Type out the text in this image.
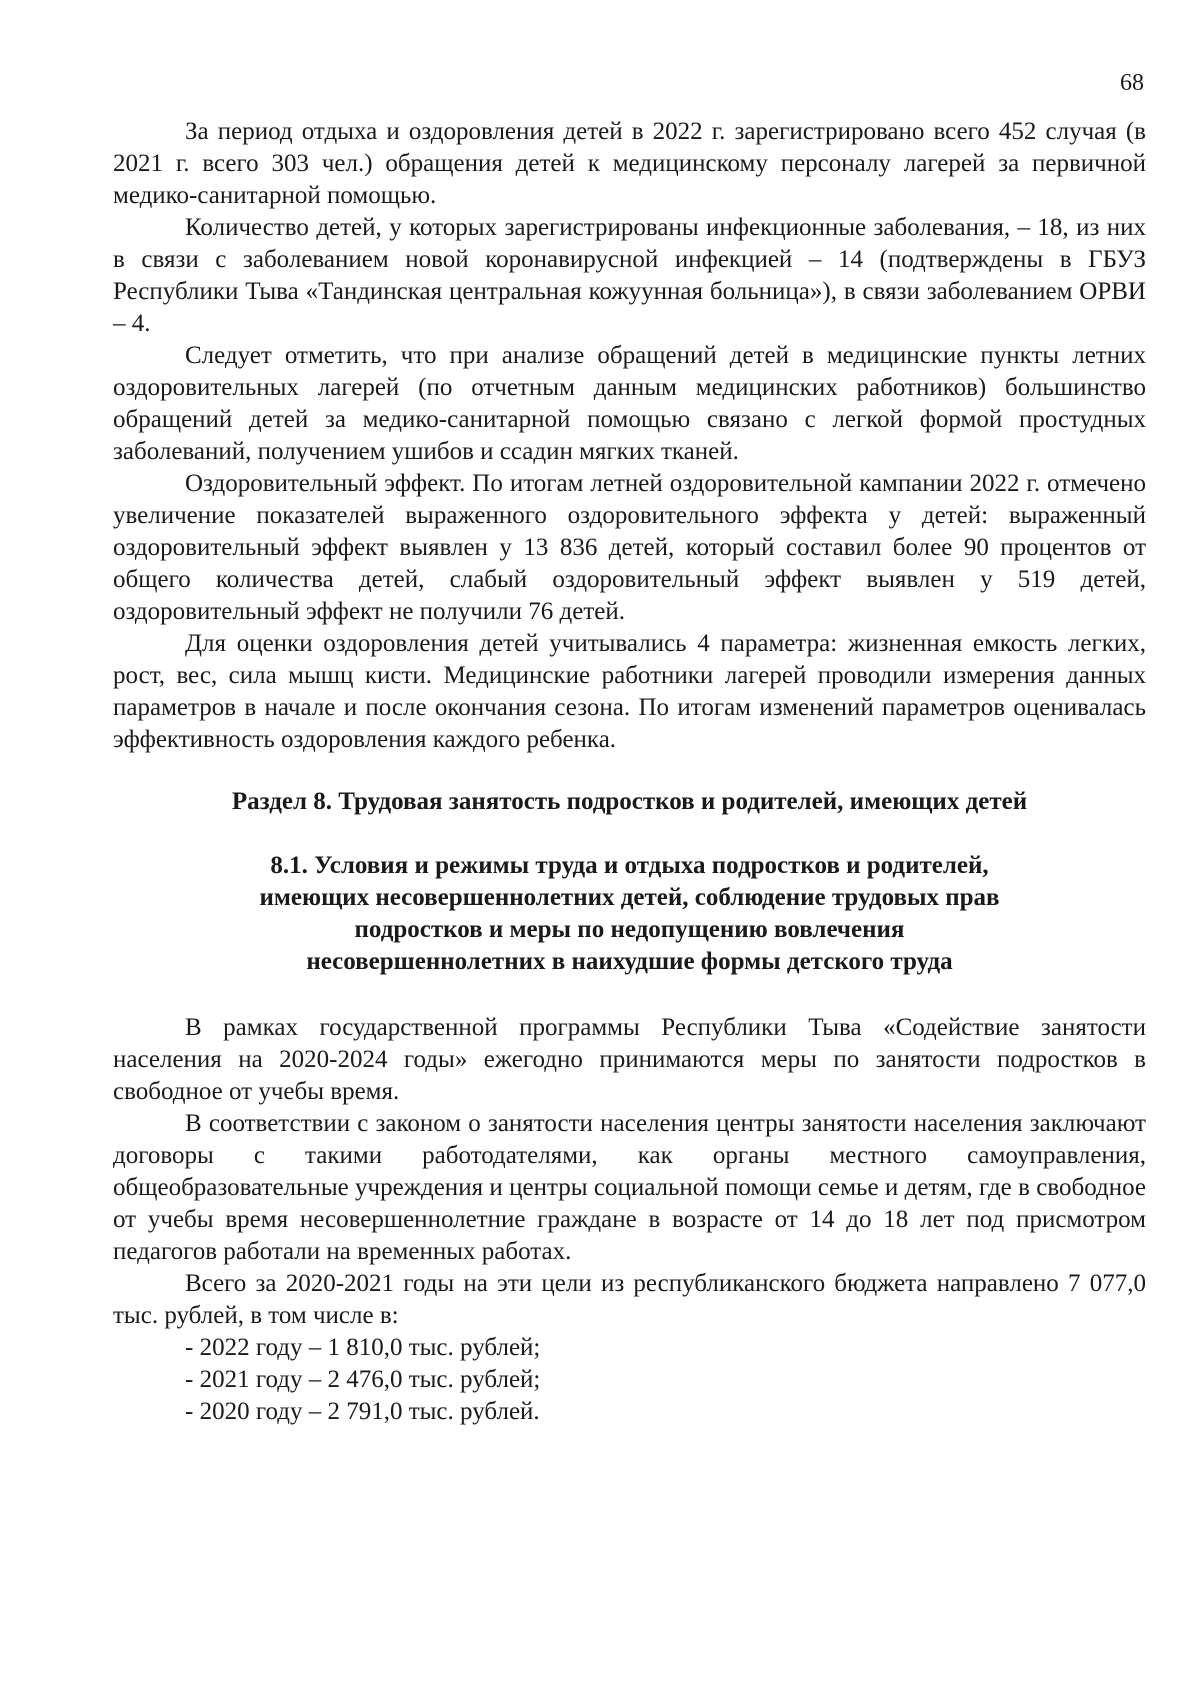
68

За период отдыха и оздоровления детей в 2022 г. зарегистрировано всего 452 случая (в 2021 г. всего 303 чел.) обращения детей к медицинскому персоналу лагерей за первичной медико-санитарной помощью.

Количество детей, у которых зарегистрированы инфекционные заболевания, – 18, из них в связи с заболеванием новой коронавирусной инфекцией – 14 (подтверждены в ГБУЗ Республики Тыва «Тандинская центральная кожуунная больница»), в связи заболеванием ОРВИ – 4.

Следует отметить, что при анализе обращений детей в медицинские пункты летних оздоровительных лагерей (по отчетным данным медицинских работников) большинство обращений детей за медико-санитарной помощью связано с легкой формой простудных заболеваний, получением ушибов и ссадин мягких тканей.

Оздоровительный эффект. По итогам летней оздоровительной кампании 2022 г. отмечено увеличение показателей выраженного оздоровительного эффекта у детей: выраженный оздоровительный эффект выявлен у 13 836 детей, который составил более 90 процентов от общего количества детей, слабый оздоровительный эффект выявлен у 519 детей, оздоровительный эффект не получили 76 детей.

Для оценки оздоровления детей учитывались 4 параметра: жизненная емкость легких, рост, вес, сила мышц кисти. Медицинские работники лагерей проводили измерения данных параметров в начале и после окончания сезона. По итогам изменений параметров оценивалась эффективность оздоровления каждого ребенка.

Раздел 8. Трудовая занятость подростков и родителей, имеющих детей
8.1. Условия и режимы труда и отдыха подростков и родителей, имеющих несовершеннолетних детей, соблюдение трудовых прав подростков и меры по недопущению вовлечения несовершеннолетних в наихудшие формы детского труда

В рамках государственной программы Республики Тыва «Содействие занятости населения на 2020-2024 годы» ежегодно принимаются меры по занятости подростков в свободное от учебы время.

В соответствии с законом о занятости населения центры занятости населения заключают договоры с такими работодателями, как органы местного самоуправления, общеобразовательные учреждения и центры социальной помощи семье и детям, где в свободное от учебы время несовершеннолетние граждане в возрасте от 14 до 18 лет под присмотром педагогов работали на временных работах.

Всего за 2020-2021 годы на эти цели из республиканского бюджета направлено 7 077,0 тыс. рублей, в том числе в:

- 2022 году – 1 810,0 тыс. рублей;
- 2021 году – 2 476,0 тыс. рублей;
- 2020 году – 2 791,0 тыс. рублей.
